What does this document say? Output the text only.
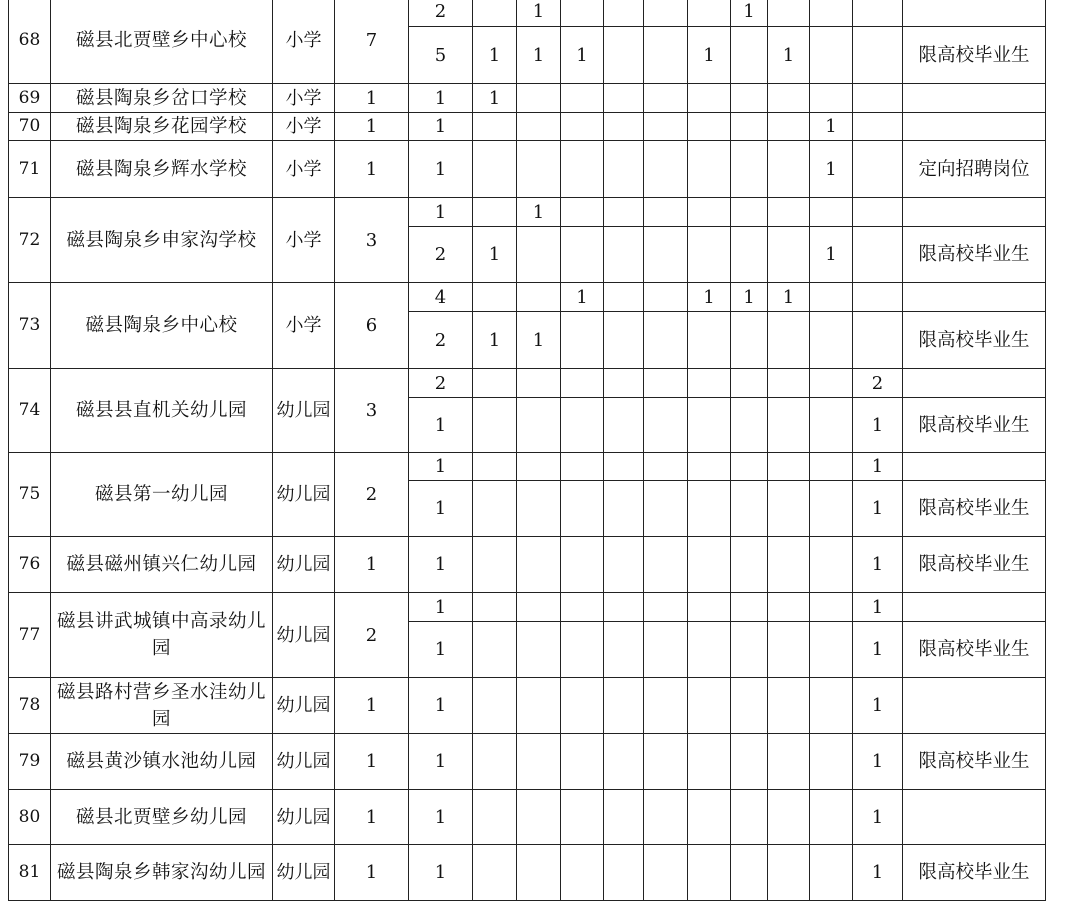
68	磁县北贾壁乡中心校	小学	7	2		1					1				
				5	1	1	1			1		1			限高校毕业生
69	磁县陶泉乡岔口学校	小学	1	1	1										
70	磁县陶泉乡花园学校	小学	1	1									1		
71	磁县陶泉乡辉水学校	小学	1	1									1		定向招聘岗位
72	磁县陶泉乡申家沟学校	小学	3	1		1									
				2	1								1		限高校毕业生
73	磁县陶泉乡中心校	小学	6	4			1			1	1	1			
				2	1	1									限高校毕业生
74	磁县县直机关幼儿园	幼儿园	3	2										2	
				1										1	限高校毕业生
75	磁县第一幼儿园	幼儿园	2	1										1	
				1										1	限高校毕业生
76	磁县磁州镇兴仁幼儿园	幼儿园	1	1										1	限高校毕业生
77	磁县讲武城镇中高录幼儿园	幼儿园	2	1										1	
				1										1	限高校毕业生
78	磁县路村营乡圣水洼幼儿园	幼儿园	1	1										1	
79	磁县黄沙镇水池幼儿园	幼儿园	1	1										1	限高校毕业生
80	磁县北贾壁乡幼儿园	幼儿园	1	1										1	
81	磁县陶泉乡韩家沟幼儿园	幼儿园	1	1										1	限高校毕业生
